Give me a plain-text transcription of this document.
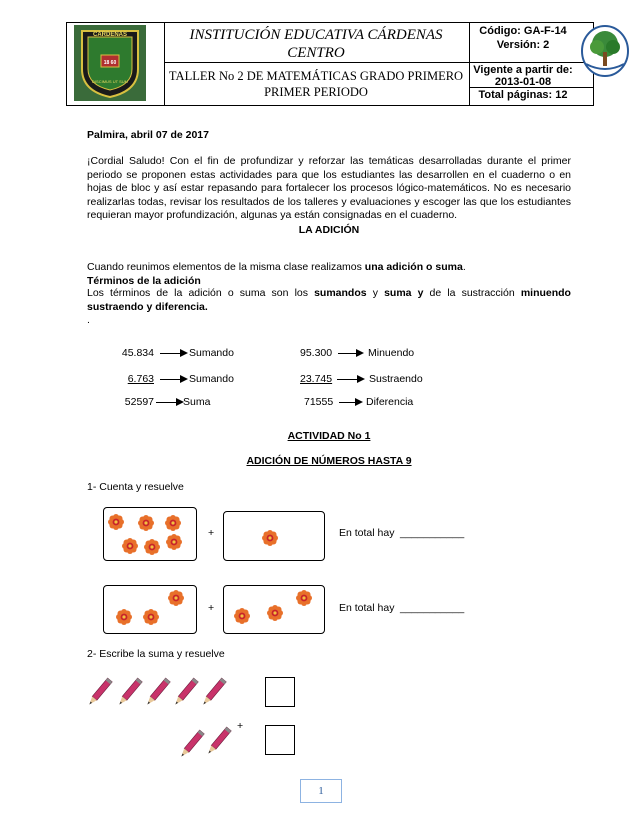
CARDENAS
18 60
DISCIMUS UT SUM
INSTITUCIÓN EDUCATIVA CÁRDENAS CENTRO
TALLER No 2 DE MATEMÁTICAS GRADO PRIMERO PRIMER PERIODO
Código: GA-F-14
Versión: 2
Vigente a partir de:
2013-01-08
Total páginas: 12
Palmira, abril 07 de 2017
¡Cordial Saludo! Con el fin de profundizar y reforzar las temáticas desarrolladas durante el primer periodo se proponen estas actividades para que los estudiantes las desarrollen en el cuaderno o en hojas de bloc y así estar repasando para fortalecer los procesos lógico-matemáticos. No es necesario realizarlas todas, revisar los resultados de los talleres y evaluaciones y escoger las que los estudiantes requieran mayor profundización, algunas ya están consignadas en el cuaderno.
LA ADICIÓN
Cuando reunimos elementos de la misma clase realizamos una adición o suma.
Términos de la adición
Los términos de la adición o suma son los sumandos y suma y de la sustracción minuendo sustraendo y diferencia.
.
45.834	Sumando
6.763	Sumando
52597	Suma
95.300	Minuendo
23.745	Sustraendo
71555	Diferencia
ACTIVIDAD No 1
ADICIÓN DE NÚMEROS HASTA 9
1- Cuenta y resuelve
+	En total hay ___________
+	En total hay ___________
2- Escribe la suma y resuelve
+
1
